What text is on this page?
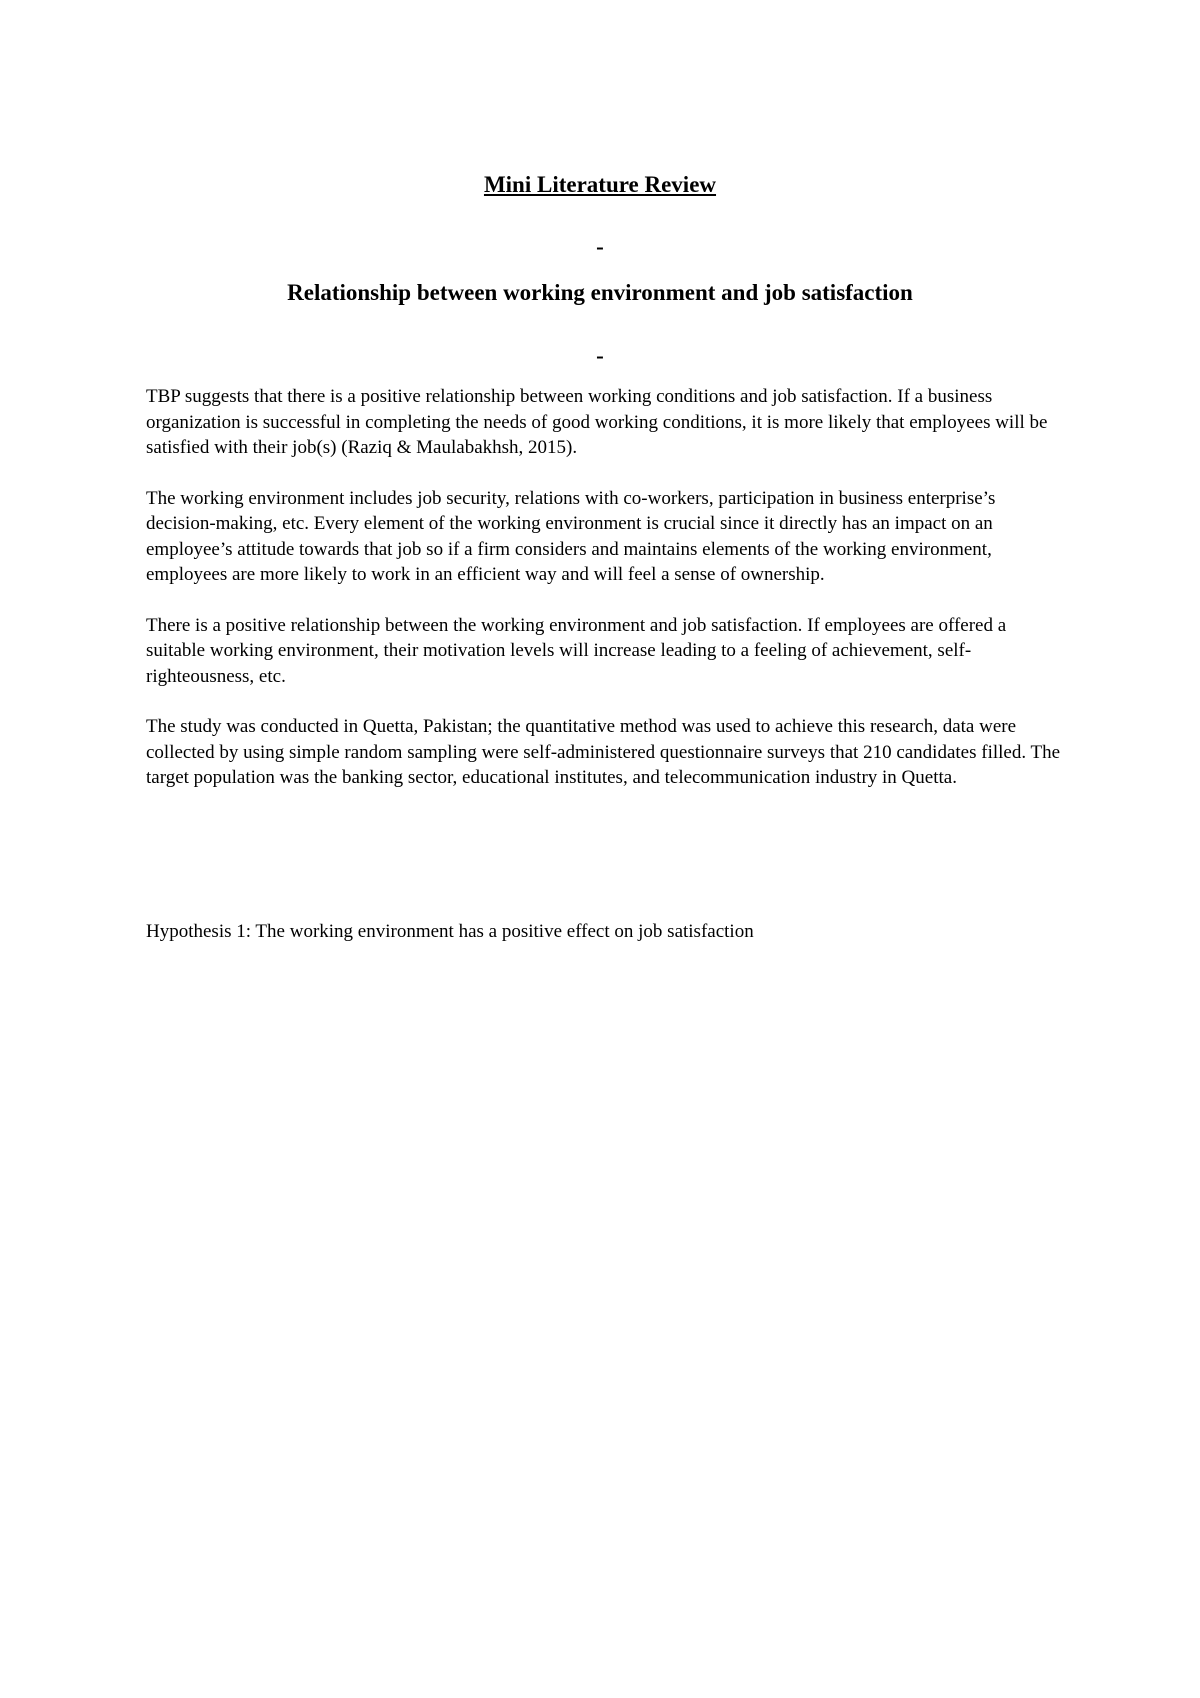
Mini Literature Review
-
Relationship between working environment and job satisfaction
-

TBP suggests that there is a positive relationship between working conditions and job satisfaction. If a business organization is successful in completing the needs of good working conditions, it is more likely that employees will be satisfied with their job(s) (Raziq & Maulabakhsh, 2015).

The working environment includes job security, relations with co-workers, participation in business enterprise’s decision-making, etc. Every element of the working environment is crucial since it directly has an impact on an employee’s attitude towards that job so if a firm considers and maintains elements of the working environment, employees are more likely to work in an efficient way and will feel a sense of ownership.

There is a positive relationship between the working environment and job satisfaction. If employees are offered a suitable working environment, their motivation levels will increase leading to a feeling of achievement, self-righteousness, etc.

The study was conducted in Quetta, Pakistan; the quantitative method was used to achieve this research, data were collected by using simple random sampling were self-administered questionnaire surveys that 210 candidates filled. The target population was the banking sector, educational institutes, and telecommunication industry in Quetta.

Hypothesis 1: The working environment has a positive effect on job satisfaction
